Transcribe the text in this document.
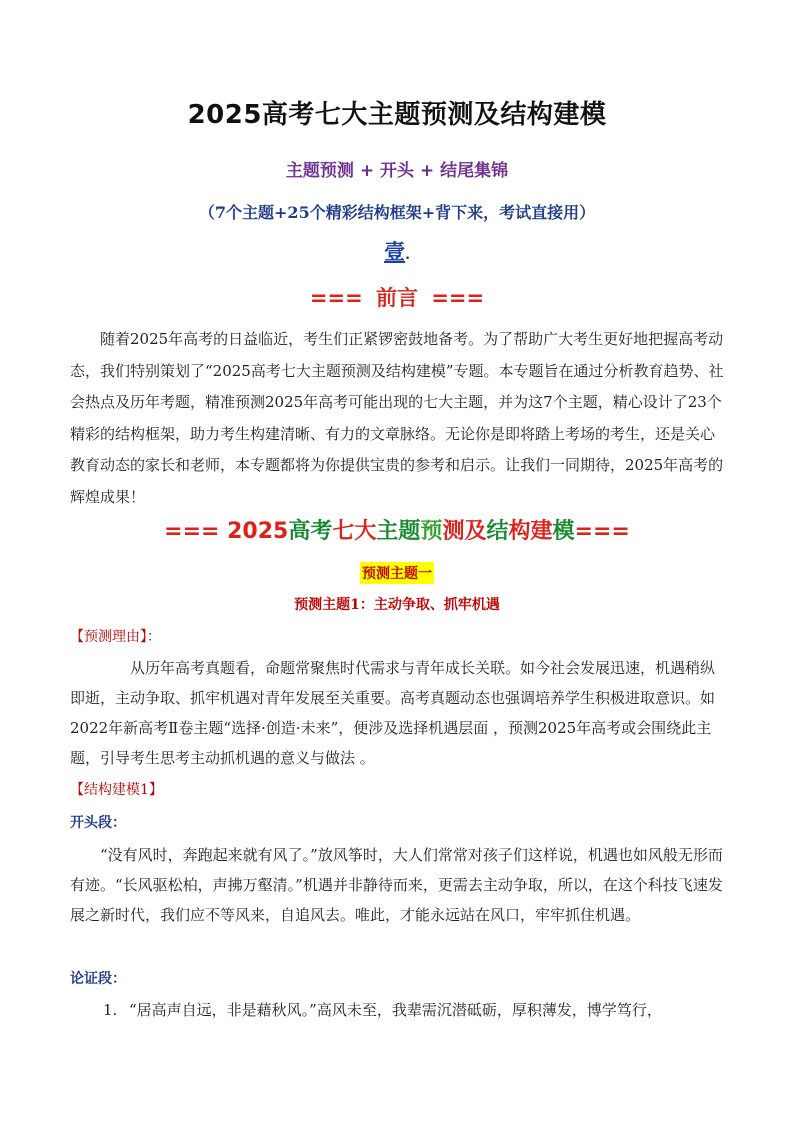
2025高考七大主题预测及结构建模
主题预测 + 开头 + 结尾集锦
（7个主题+25个精彩结构框架+背下来，考试直接用）
壹.
=== 前言 ===
随着2025年高考的日益临近，考生们正紧锣密鼓地备考。为了帮助广大考生更好地把握高考动态，我们特别策划了“2025高考七大主题预测及结构建模”专题。本专题旨在通过分析教育趋势、社会热点及历年考题，精准预测2025年高考可能出现的七大主题，并为这7个主题，精心设计了23个精彩的结构框架，助力考生构建清晰、有力的文章脉络。无论你是即将踏上考场的考生，还是关心教育动态的家长和老师，本专题都将为你提供宝贵的参考和启示。让我们一同期待，2025年高考的辉煌成果！
=== 2025高考七大主题预测及结构建模===
预测主题一
预测主题1：主动争取、抓牢机遇
【预测理由】：
从历年高考真题看，命题常聚焦时代需求与青年成长关联。如今社会发展迅速，机遇稍纵即逝，主动争取、抓牢机遇对青年发展至关重要。高考真题动态也强调培养学生积极进取意识。如2022年新高考Ⅱ卷主题“选择·创造·未来”，便涉及选择机遇层面 ，预测2025年高考或会围绕此主题，引导考生思考主动抓机遇的意义与做法 。
【结构建模1】
开头段：
“没有风时，奔跑起来就有风了。”放风筝时，大人们常常对孩子们这样说，机遇也如风般无形而有迹。“长风驱松柏，声拂万壑清。”机遇并非静待而来，更需去主动争取，所以，在这个科技飞速发展之新时代，我们应不等风来，自追风去。唯此，才能永远站在风口，牢牢抓住机遇。
论证段：
1. “居高声自远，非是藉秋风。”高风未至，我辈需沉潜砥砺，厚积薄发，博学笃行，
